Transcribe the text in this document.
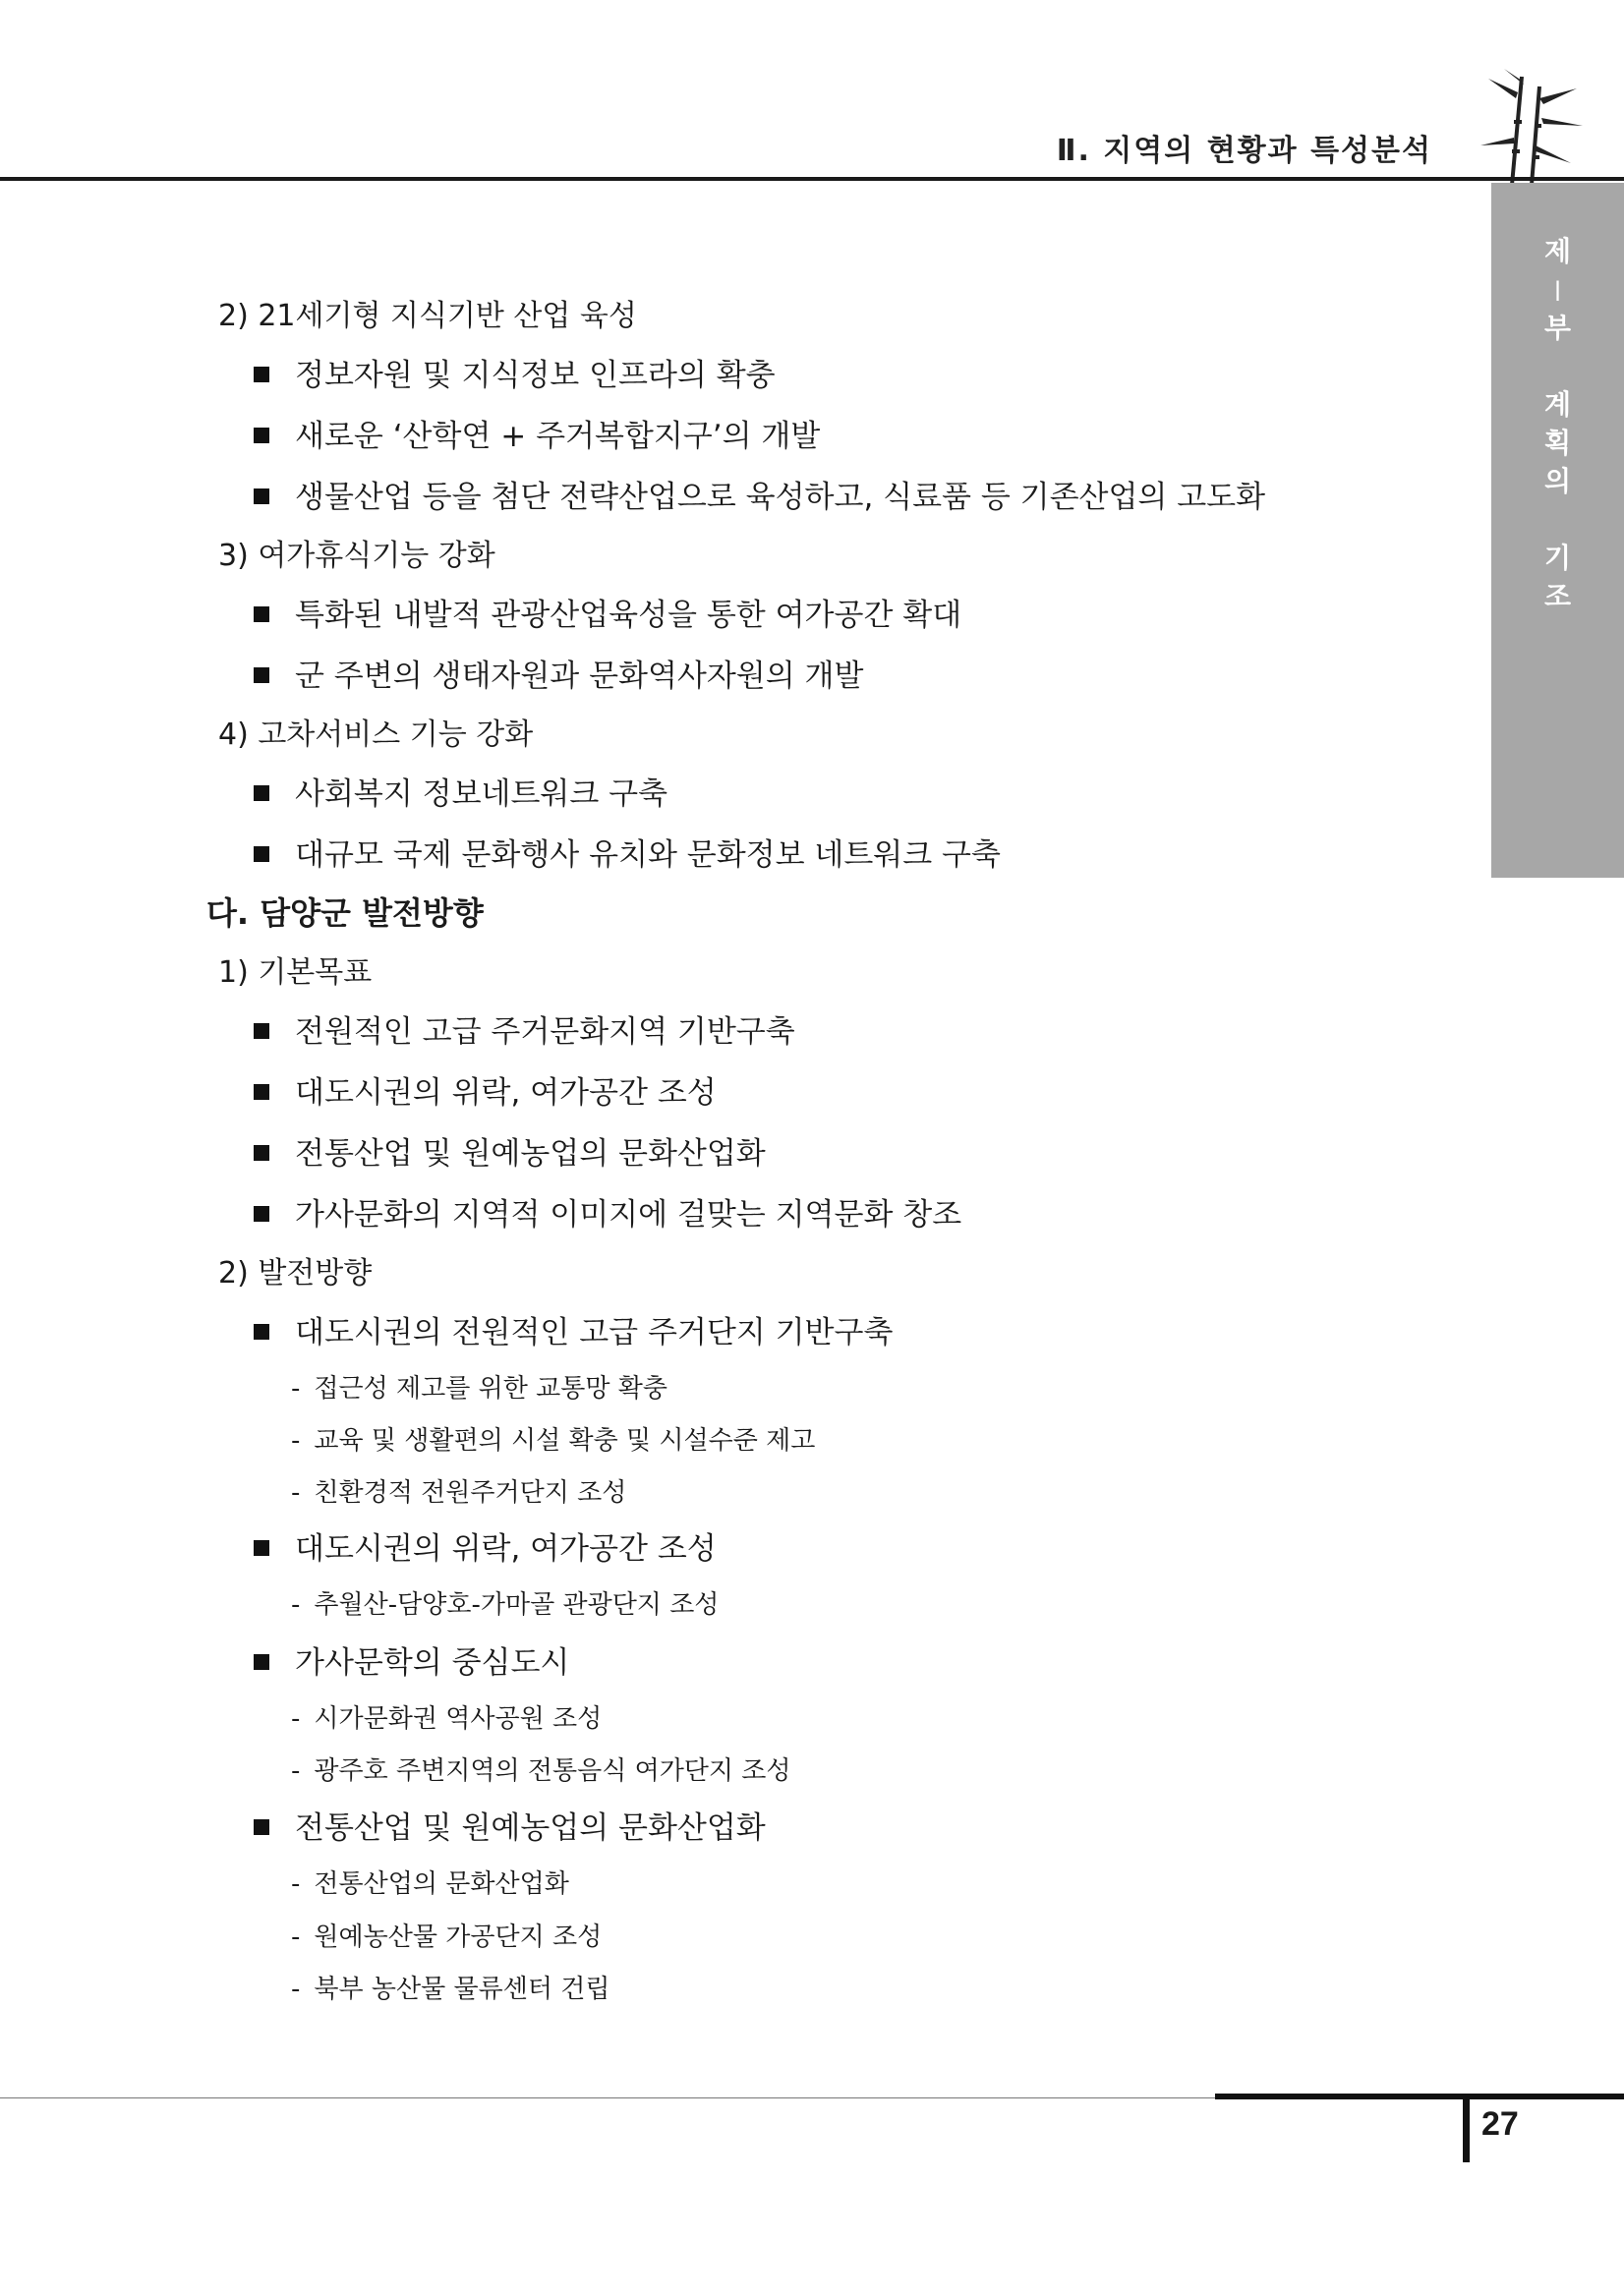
Ⅱ. 지역의 현황과 특성분석
제
|
부
계
획
의
기
조
2) 21세기형 지식기반 산업 육성
정보자원 및 지식정보 인프라의 확충
새로운 ‘산학연 + 주거복합지구’의 개발
생물산업 등을 첨단 전략산업으로 육성하고, 식료품 등 기존산업의 고도화
3) 여가휴식기능 강화
특화된 내발적 관광산업육성을 통한 여가공간 확대
군 주변의 생태자원과 문화역사자원의 개발
4) 고차서비스 기능 강화
사회복지 정보네트워크 구축
대규모 국제 문화행사 유치와 문화정보 네트워크 구축
다. 담양군 발전방향
1) 기본목표
전원적인 고급 주거문화지역 기반구축
대도시권의 위락, 여가공간 조성
전통산업 및 원예농업의 문화산업화
가사문화의 지역적 이미지에 걸맞는 지역문화 창조
2) 발전방향
대도시권의 전원적인 고급 주거단지 기반구축
- 접근성 제고를 위한 교통망 확충
- 교육 및 생활편의 시설 확충 및 시설수준 제고
- 친환경적 전원주거단지 조성
대도시권의 위락, 여가공간 조성
- 추월산-담양호-가마골 관광단지 조성
가사문학의 중심도시
- 시가문화권 역사공원 조성
- 광주호 주변지역의 전통음식 여가단지 조성
전통산업 및 원예농업의 문화산업화
- 전통산업의 문화산업화
- 원예농산물 가공단지 조성
- 북부 농산물 물류센터 건립
27
